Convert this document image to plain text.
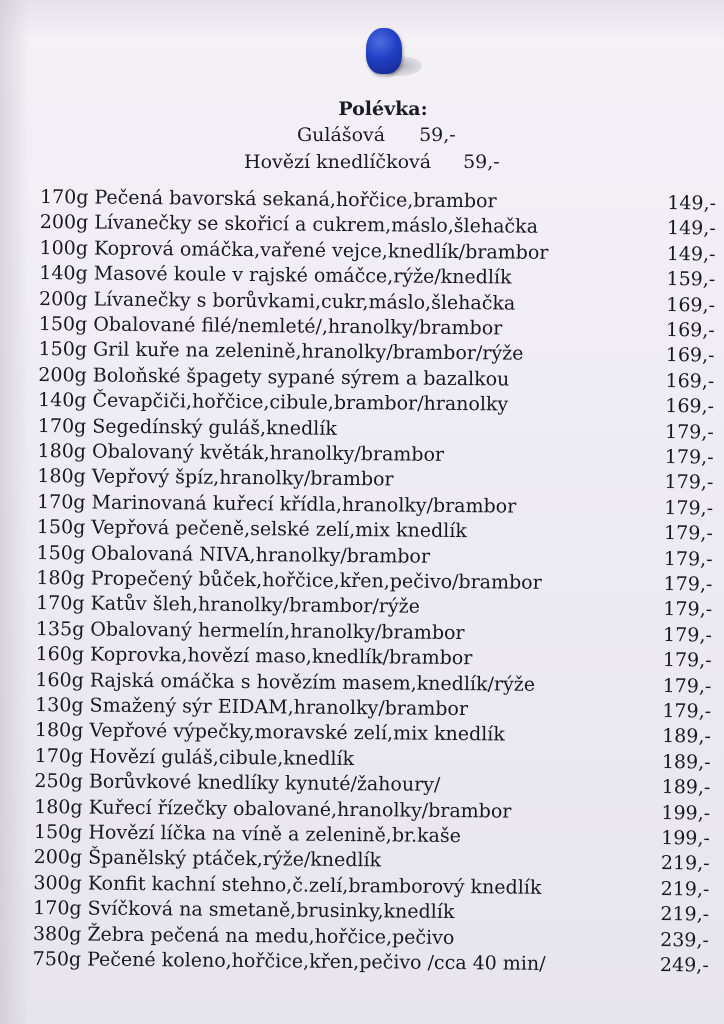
Polévka:
Gulášová 59,-
Hovězí knedlíčková 59,-
170g Pečená bavorská sekaná,hořčice,brambor	149,-
200g Lívanečky se skořicí a cukrem,máslo,šlehačka	149,-
100g Koprová omáčka,vařené vejce,knedlík/brambor	149,-
140g Masové koule v rajské omáčce,rýže/knedlík	159,-
200g Lívanečky s borůvkami,cukr,máslo,šlehačka	169,-
150g Obalované filé/nemleté/,hranolky/brambor	169,-
150g Gril kuře na zelenině,hranolky/brambor/rýže	169,-
200g Boloňské špagety sypané sýrem a bazalkou	169,-
140g Čevapčiči,hořčice,cibule,brambor/hranolky	169,-
170g Segedínský guláš,knedlík	179,-
180g Obalovaný květák,hranolky/brambor	179,-
180g Vepřový špíz,hranolky/brambor	179,-
170g Marinovaná kuřecí křídla,hranolky/brambor	179,-
150g Vepřová pečeně,selské zelí,mix knedlík	179,-
150g Obalovaná NIVA,hranolky/brambor	179,-
180g Propečený bůček,hořčice,křen,pečivo/brambor	179,-
170g Katův šleh,hranolky/brambor/rýže	179,-
135g Obalovaný hermelín,hranolky/brambor	179,-
160g Koprovka,hovězí maso,knedlík/brambor	179,-
160g Rajská omáčka s hovězím masem,knedlík/rýže	179,-
130g Smažený sýr EIDAM,hranolky/brambor	179,-
180g Vepřové výpečky,moravské zelí,mix knedlík	189,-
170g Hovězí guláš,cibule,knedlík	189,-
250g Borůvkové knedlíky kynuté/žahoury/	189,-
180g Kuřecí řízečky obalované,hranolky/brambor	199,-
150g Hovězí líčka na víně a zelenině,br.kaše	199,-
200g Španělský ptáček,rýže/knedlík	219,-
300g Konfit kachní stehno,č.zelí,bramborový knedlík	219,-
170g Svíčková na smetaně,brusinky,knedlík	219,-
380g Žebra pečená na medu,hořčice,pečivo	239,-
750g Pečené koleno,hořčice,křen,pečivo /cca 40 min/	249,-
